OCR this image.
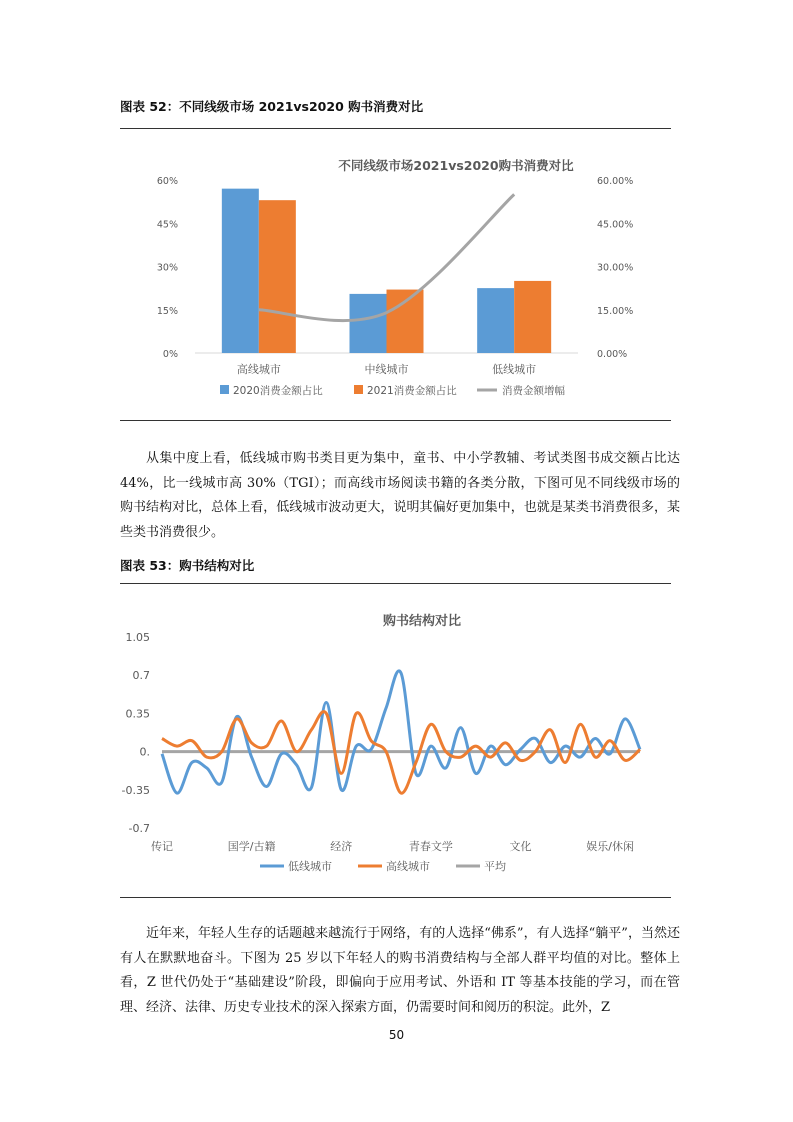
图表 52：不同线级市场 2021vs2020 购书消费对比
不同线级市场2021vs2020购书消费对比
0%
15%
30%
45%
60%
0.00%
15.00%
30.00%
45.00%
60.00%
高线城市	中线城市	低线城市
2020消费金额占比	2021消费金额占比	消费金额增幅

从集中度上看，低线城市购书类目更为集中，童书、中小学教辅、考试类图书成交额占比达 44%，比一线城市高 30%（TGI）；而高线市场阅读书籍的各类分散，下图可见不同线级市场的购书结构对比，总体上看，低线城市波动更大，说明其偏好更加集中，也就是某类书消费很多，某些类书消费很少。

图表 53：购书结构对比
购书结构对比
1.05
0.7
0.35
0.
-0.35
-0.7
传记	国学/古籍	经济	青春文学	文化	娱乐/休闲
低线城市	高线城市	平均

近年来，年轻人生存的话题越来越流行于网络，有的人选择“佛系”，有人选择“躺平”，当然还有人在默默地奋斗。下图为 25 岁以下年轻人的购书消费结构与全部人群平均值的对比。整体上看，Z 世代仍处于“基础建设”阶段，即偏向于应用考试、外语和 IT 等基本技能的学习，而在管理、经济、法律、历史专业技术的深入探索方面，仍需要时间和阅历的积淀。此外，Z

50
